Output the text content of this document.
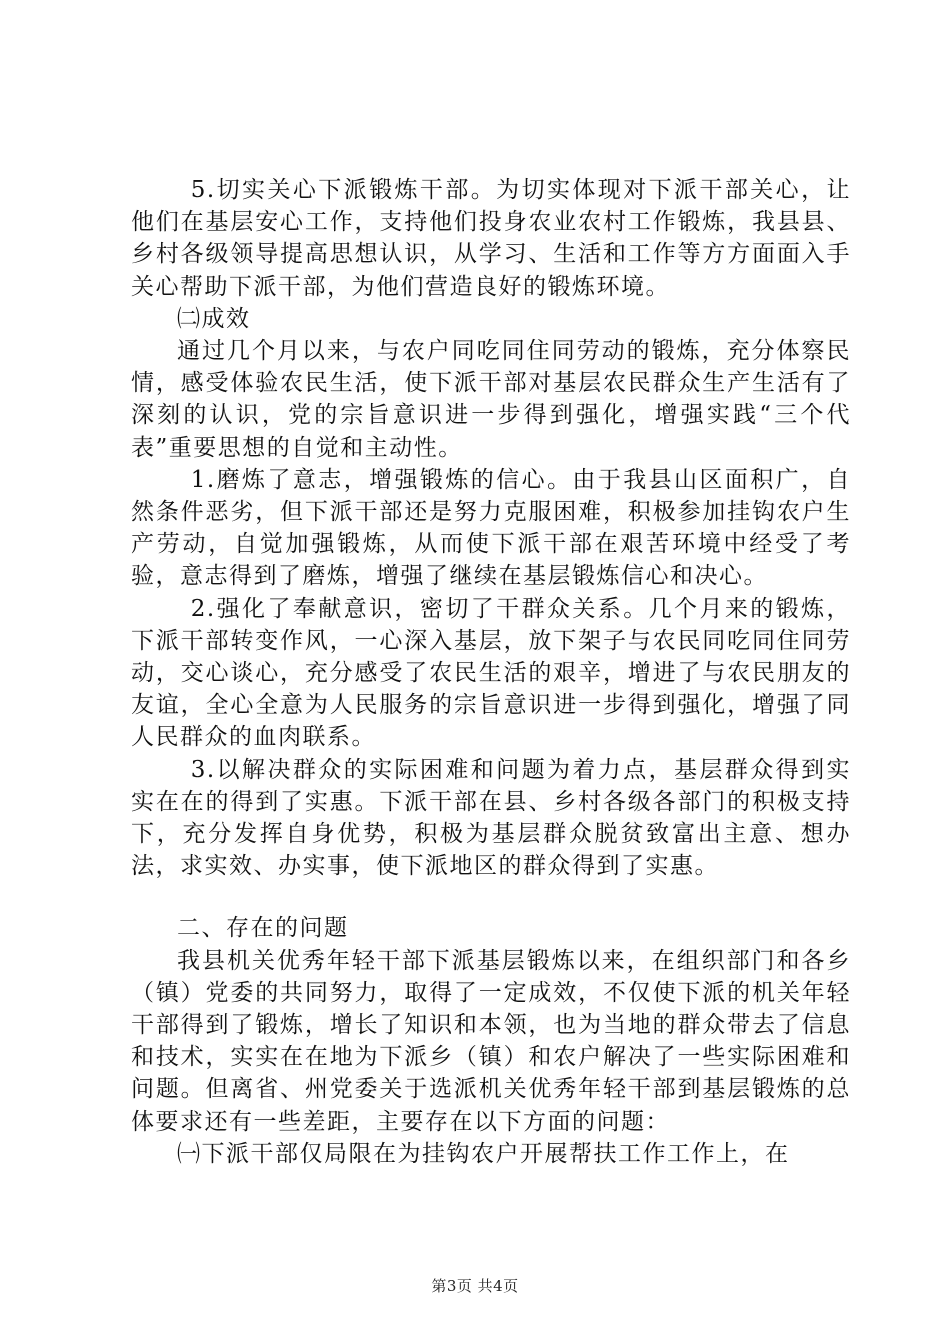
5.切实关心下派锻炼干部。为切实体现对下派干部关心，让他们在基层安心工作，支持他们投身农业农村工作锻炼，我县县、乡村各级领导提高思想认识，从学习、生活和工作等方方面面入手关心帮助下派干部，为他们营造良好的锻炼环境。

㈡成效

通过几个月以来，与农户同吃同住同劳动的锻炼，充分体察民情，感受体验农民生活，使下派干部对基层农民群众生产生活有了深刻的认识，党的宗旨意识进一步得到强化，增强实践“三个代表”重要思想的自觉和主动性。

1.磨炼了意志，增强锻炼的信心。由于我县山区面积广，自然条件恶劣，但下派干部还是努力克服困难，积极参加挂钩农户生产劳动，自觉加强锻炼，从而使下派干部在艰苦环境中经受了考验，意志得到了磨炼，增强了继续在基层锻炼信心和决心。

2.强化了奉献意识，密切了干群众关系。几个月来的锻炼，下派干部转变作风，一心深入基层，放下架子与农民同吃同住同劳动，交心谈心，充分感受了农民生活的艰辛，增进了与农民朋友的友谊，全心全意为人民服务的宗旨意识进一步得到强化，增强了同人民群众的血肉联系。

3.以解决群众的实际困难和问题为着力点，基层群众得到实实在在的得到了实惠。下派干部在县、乡村各级各部门的积极支持下，充分发挥自身优势，积极为基层群众脱贫致富出主意、想办法，求实效、办实事，使下派地区的群众得到了实惠。

二、存在的问题

我县机关优秀年轻干部下派基层锻炼以来，在组织部门和各乡（镇）党委的共同努力，取得了一定成效，不仅使下派的机关年轻干部得到了锻炼，增长了知识和本领，也为当地的群众带去了信息和技术，实实在在地为下派乡（镇）和农户解决了一些实际困难和问题。但离省、州党委关于选派机关优秀年轻干部到基层锻炼的总体要求还有一些差距，主要存在以下方面的问题：

㈠下派干部仅局限在为挂钩农户开展帮扶工作工作上，在

第3页 共4页
